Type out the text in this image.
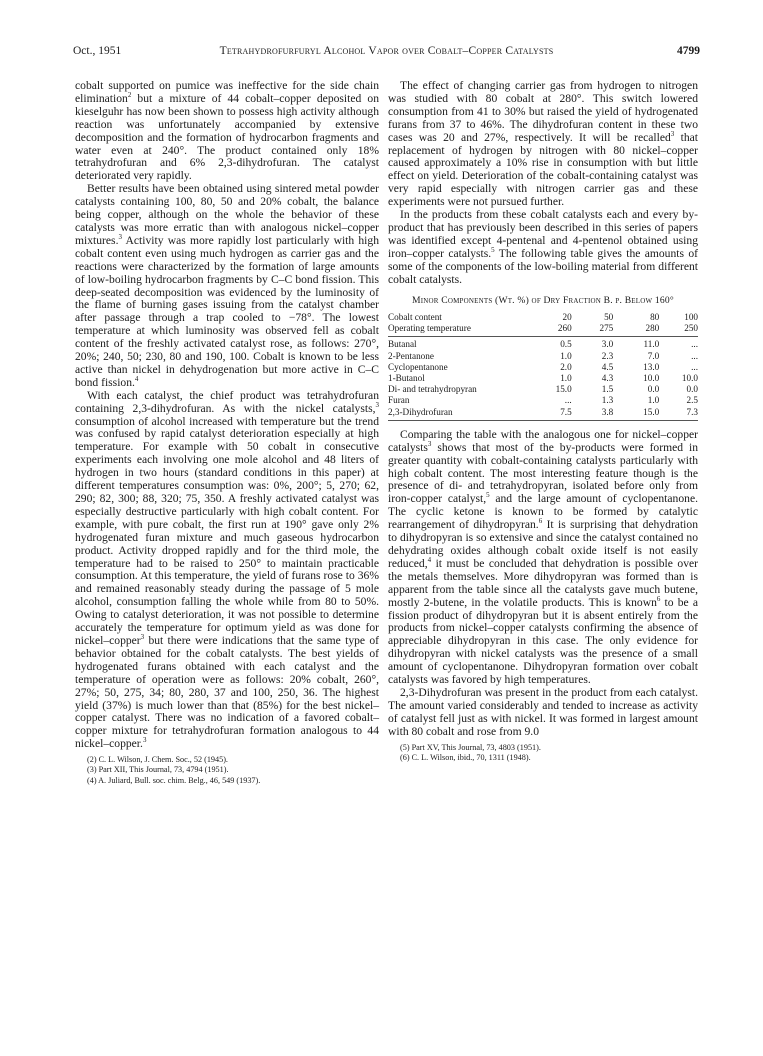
Oct., 1951	Tetrahydrofurfuryl Alcohol Vapor over Cobalt–Copper Catalysts	4799

cobalt supported on pumice was ineffective for the side chain elimination$^2$ but a mixture of 44 cobalt–copper deposited on kieselguhr has now been shown to possess high activity although reaction was unfortunately accompanied by extensive decomposition and the formation of hydrocarbon fragments and water even at 240°. The product contained only 18% tetrahydrofuran and 6% 2,3-dihydrofuran. The catalyst deteriorated very rapidly.

Better results have been obtained using sintered metal powder catalysts containing 100, 80, 50 and 20% cobalt, the balance being copper, although on the whole the behavior of these catalysts was more erratic than with analogous nickel–copper mixtures.$^3$ Activity was more rapidly lost particularly with high cobalt content even using much hydrogen as carrier gas and the reactions were characterized by the formation of large amounts of low-boiling hydrocarbon fragments by C–C bond fission. This deep-seated decomposition was evidenced by the luminosity of the flame of burning gases issuing from the catalyst chamber after passage through a trap cooled to −78°. The lowest temperature at which luminosity was observed fell as cobalt content of the freshly activated catalyst rose, as follows: 270°, 20%; 240, 50; 230, 80 and 190, 100. Cobalt is known to be less active than nickel in dehydrogenation but more active in C–C bond fission.$^4$

With each catalyst, the chief product was tetrahydrofuran containing 2,3-dihydrofuran. As with the nickel catalysts,$^3$ consumption of alcohol increased with temperature but the trend was confused by rapid catalyst deterioration especially at high temperature. For example with 50 cobalt in consecutive experiments each involving one mole alcohol and 48 liters of hydrogen in two hours (standard conditions in this paper) at different temperatures consumption was: 0%, 200°; 5, 270; 62, 290; 82, 300; 88, 320; 75, 350. A freshly activated catalyst was especially destructive particularly with high cobalt content. For example, with pure cobalt, the first run at 190° gave only 2% hydrogenated furan mixture and much gaseous hydrocarbon product. Activity dropped rapidly and for the third mole, the temperature had to be raised to 250° to maintain practicable consumption. At this temperature, the yield of furans rose to 36% and remained reasonably steady during the passage of 5 mole alcohol, consumption falling the whole while from 80 to 50%. Owing to catalyst deterioration, it was not possible to determine accurately the temperature for optimum yield as was done for nickel–copper$^3$ but there were indications that the same type of behavior obtained for the cobalt catalysts. The best yields of hydrogenated furans obtained with each catalyst and the temperature of operation were as follows: 20% cobalt, 260°, 27%; 50, 275, 34; 80, 280, 37 and 100, 250, 36. The highest yield (37%) is much lower than that (85%) for the best nickel–copper catalyst. There was no indication of a favored cobalt–copper mixture for tetrahydrofuran formation analogous to 44 nickel–copper.$^3$

(2) C. L. Wilson, J. Chem. Soc., 52 (1945).

(3) Part XII, This Journal, 73, 4794 (1951).

(4) A. Juliard, Bull. soc. chim. Belg., 46, 549 (1937).

The effect of changing carrier gas from hydrogen to nitrogen was studied with 80 cobalt at 280°. This switch lowered consumption from 41 to 30% but raised the yield of hydrogenated furans from 37 to 46%. The dihydrofuran content in these two cases was 20 and 27%, respectively. It will be recalled$^3$ that replacement of hydrogen by nitrogen with 80 nickel–copper caused approximately a 10% rise in consumption with but little effect on yield. Deterioration of the cobalt-containing catalyst was very rapid especially with nitrogen carrier gas and these experiments were not pursued further.

In the products from these cobalt catalysts each and every by-product that has previously been described in this series of papers was identified except 4-pentenal and 4-pentenol obtained using iron–copper catalysts.$^5$ The following table gives the amounts of some of the components of the low-boiling material from different cobalt catalysts.

Minor Components (Wt. %) of Dry Fraction B. p. Below 160°
Cobalt content	20	50	80	100
Operating temperature	260	275	280	250
Butanal	0.5	3.0	11.0	...
2-Pentanone	1.0	2.3	7.0	...
Cyclopentanone	2.0	4.5	13.0	...
1-Butanol	1.0	4.3	10.0	10.0
Di- and tetrahydropyran	15.0	1.5	0.0	0.0
Furan	...	1.3	1.0	2.5
2,3-Dihydrofuran	7.5	3.8	15.0	7.3

Comparing the table with the analogous one for nickel–copper catalysts$^3$ shows that most of the by-products were formed in greater quantity with cobalt-containing catalysts particularly with high cobalt content. The most interesting feature though is the presence of di- and tetrahydropyran, isolated before only from iron-copper catalyst,$^5$ and the large amount of cyclopentanone. The cyclic ketone is known to be formed by catalytic rearrangement of dihydropyran.$^6$ It is surprising that dehydration to dihydropyran is so extensive and since the catalyst contained no dehydrating oxides although cobalt oxide itself is not easily reduced,$^4$ it must be concluded that dehydration is possible over the metals themselves. More dihydropyran was formed than is apparent from the table since all the catalysts gave much butene, mostly 2-butene, in the volatile products. This is known$^6$ to be a fission product of dihydropyran but it is absent entirely from the products from nickel–copper catalysts confirming the absence of appreciable dihydropyran in this case. The only evidence for dihydropyran with nickel catalysts was the presence of a small amount of cyclopentanone. Dihydropyran formation over cobalt catalysts was favored by high temperatures.

2,3-Dihydrofuran was present in the product from each catalyst. The amount varied considerably and tended to increase as activity of catalyst fell just as with nickel. It was formed in largest amount with 80 cobalt and rose from 9.0

(5) Part XV, This Journal, 73, 4803 (1951).

(6) C. L. Wilson, ibid., 70, 1311 (1948).
